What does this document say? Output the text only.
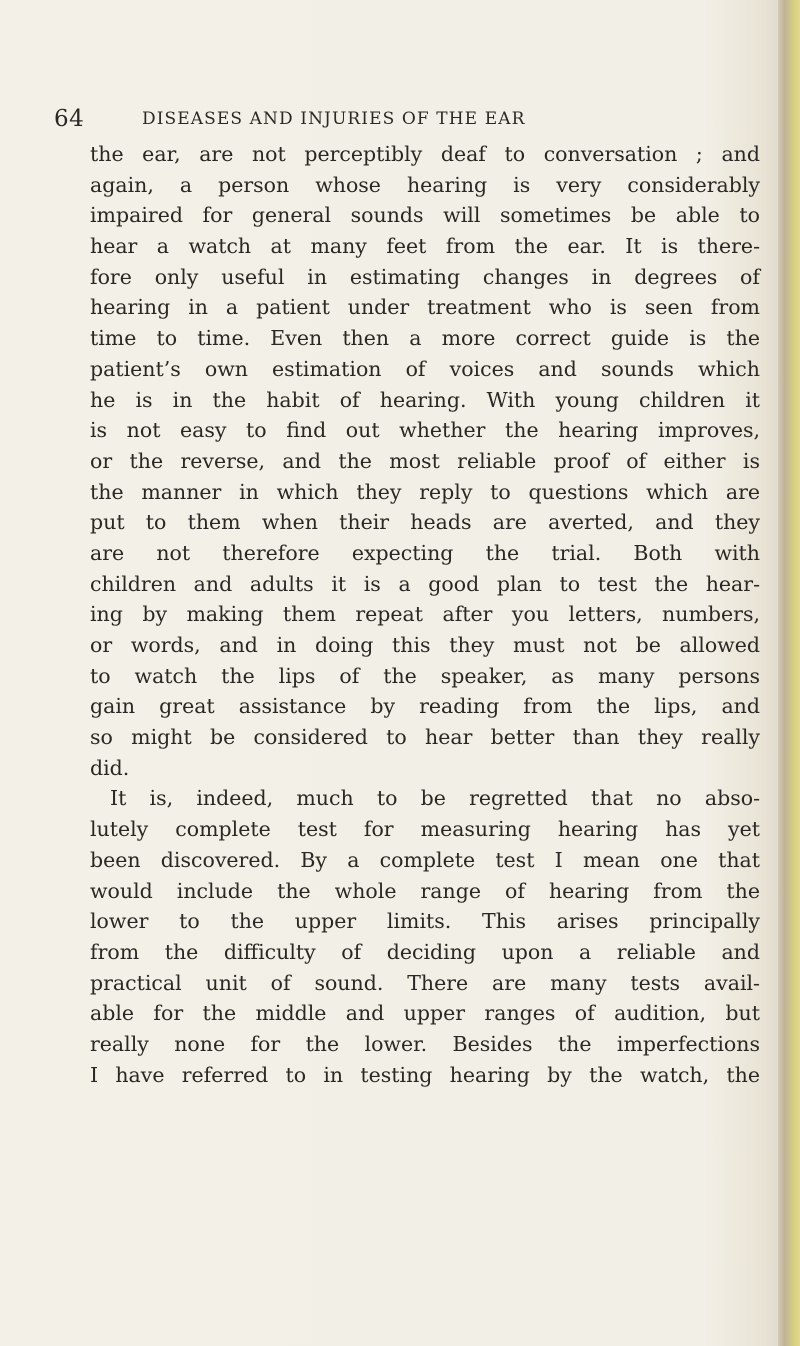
64	DISEASES AND INJURIES OF THE EAR
the ear, are not perceptibly deaf to conversation ; and
again, a person whose hearing is very considerably
impaired for general sounds will sometimes be able to
hear a watch at many feet from the ear. It is there-
fore only useful in estimating changes in degrees of
hearing in a patient under treatment who is seen from
time to time. Even then a more correct guide is the
patient’s own estimation of voices and sounds which
he is in the habit of hearing. With young children it
is not easy to find out whether the hearing improves,
or the reverse, and the most reliable proof of either is
the manner in which they reply to questions which are
put to them when their heads are averted, and they
are not therefore expecting the trial. Both with
children and adults it is a good plan to test the hear-
ing by making them repeat after you letters, numbers,
or words, and in doing this they must not be allowed
to watch the lips of the speaker, as many persons
gain great assistance by reading from the lips, and
so might be considered to hear better than they really
did.
It is, indeed, much to be regretted that no abso-
lutely complete test for measuring hearing has yet
been discovered. By a complete test I mean one that
would include the whole range of hearing from the
lower to the upper limits. This arises principally
from the difficulty of deciding upon a reliable and
practical unit of sound. There are many tests avail-
able for the middle and upper ranges of audition, but
really none for the lower. Besides the imperfections
I have referred to in testing hearing by the watch, the
